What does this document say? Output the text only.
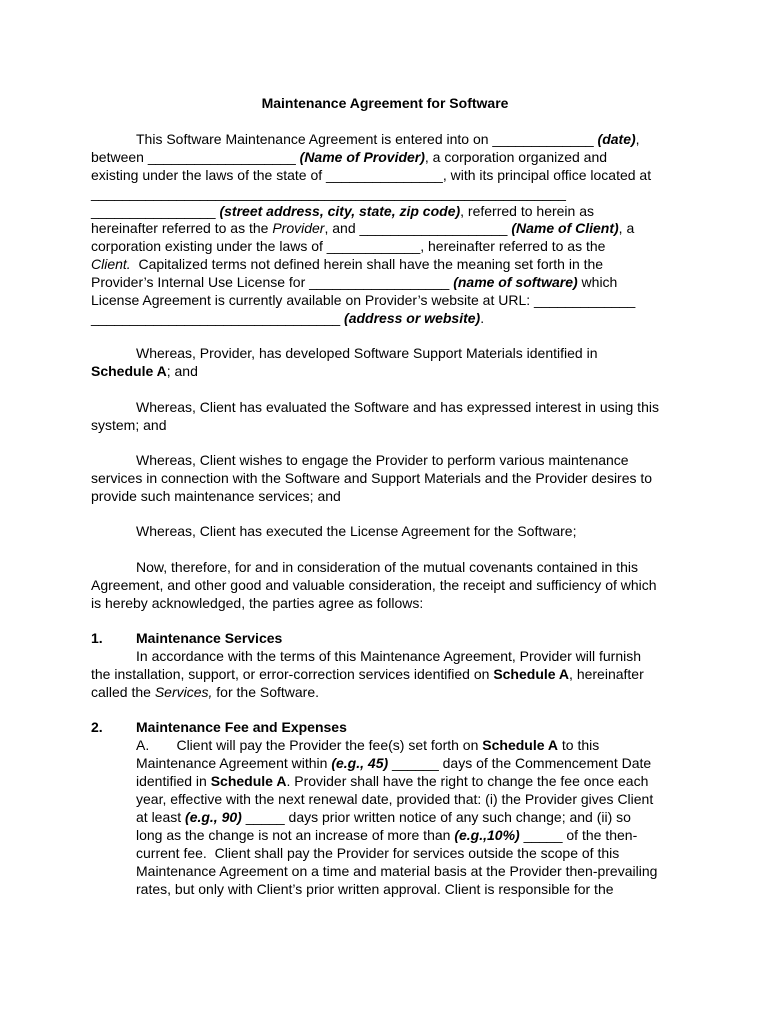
Maintenance Agreement for Software
This Software Maintenance Agreement is entered into on _____________ (date),
between ___________________ (Name of Provider), a corporation organized and
existing under the laws of the state of _______________, with its principal office located at
_____________________________________________________________
________________ (street address, city, state, zip code), referred to herein as
hereinafter referred to as the Provider, and ___________________ (Name of Client), a
corporation existing under the laws of ____________, hereinafter referred to as the
Client.  Capitalized terms not defined herein shall have the meaning set forth in the
Provider’s Internal Use License for __________________ (name of software) which
License Agreement is currently available on Provider’s website at URL: _____________
________________________________ (address or website).
Whereas, Provider, has developed Software Support Materials identified in
Schedule A; and
Whereas, Client has evaluated the Software and has expressed interest in using this
system; and
Whereas, Client wishes to engage the Provider to perform various maintenance
services in connection with the Software and Support Materials and the Provider desires to
provide such maintenance services; and
Whereas, Client has executed the License Agreement for the Software;
Now, therefore, for and in consideration of the mutual covenants contained in this
Agreement, and other good and valuable consideration, the receipt and sufficiency of which
is hereby acknowledged, the parties agree as follows:
1. Maintenance Services
In accordance with the terms of this Maintenance Agreement, Provider will furnish
the installation, support, or error-correction services identified on Schedule A, hereinafter
called the Services, for the Software.
2. Maintenance Fee and Expenses
A.       Client will pay the Provider the fee(s) set forth on Schedule A to this
Maintenance Agreement within (e.g., 45) ______ days of the Commencement Date
identified in Schedule A. Provider shall have the right to change the fee once each
year, effective with the next renewal date, provided that: (i) the Provider gives Client
at least (e.g., 90) _____ days prior written notice of any such change; and (ii) so
long as the change is not an increase of more than (e.g.,10%) _____ of the then-
current fee.  Client shall pay the Provider for services outside the scope of this
Maintenance Agreement on a time and material basis at the Provider then-prevailing
rates, but only with Client’s prior written approval. Client is responsible for the
